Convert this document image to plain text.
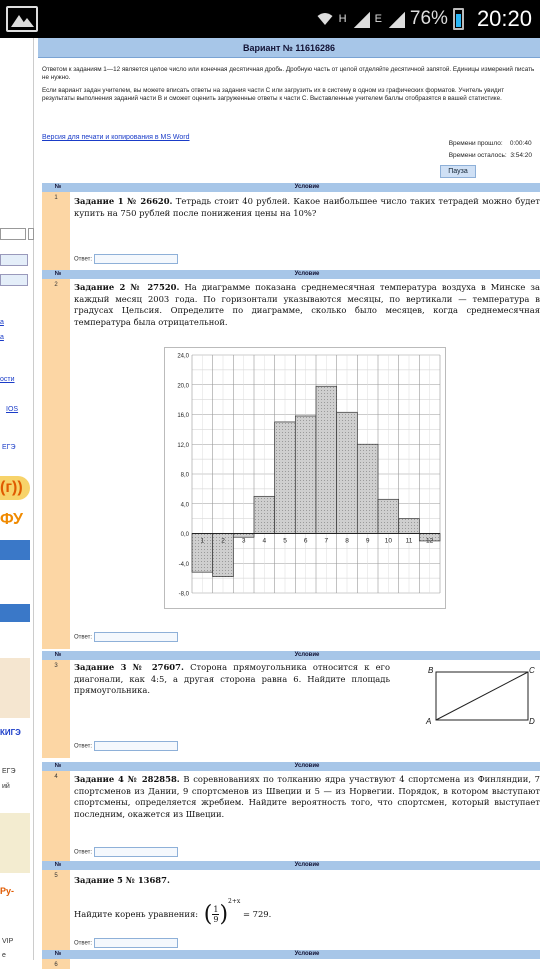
H	E 76% 20:20
а
а
ости
IOS
ЕГЭ
(г))
ФУ
КИГЭ
ЕГЭ
ий
Ру-
VIP
е
Вариант № 11616286

Ответом к заданиям 1—12 является целое число или конечная десятичная дробь. Дробную часть от целой отделяйте десятичной запятой. Единицы измерений писать не нужно.

Если вариант задан учителем, вы можете вписать ответы на задания части С или загрузить их в систему в одном из графических форматов. Учитель увидит результаты выполнения заданий части В и сможет оценить загруженные ответы к части С. Выставленные учителем баллы отобразятся в вашей статистике.

Версия для печати и копирования в MS Word
Времени прошло: 0:00:40
Времени осталось: 3:54:20
Пауза
№	Условие
1	Задание 1 № 26620. Тетрадь стоит 40 рублей. Какое наибольшее число таких тетрадей можно будет купить на 750 рублей после понижения цены на 10%?
Ответ:
№	Условие
2	Задание 2 № 27520. На диаграмме показана среднемесячная температура воздуха в Минске за каждый месяц 2003 года. По горизонтали указываются месяцы, по вертикали — температура в градусах Цельсия. Определите по диаграмме, сколько было месяцев, когда среднемесячная температура была отрицательной.
24,0
20,0
16,0
12,0
8,0
4,0
0,0
-4,0
-8,0
1	2	3	4	5	6	7	8	9 10 11 12
Ответ:
№	Условие
3	Задание 3 № 27607. Сторона прямоугольника относится к его диагонали, как 4:5, а другая сторона равна 6. Найдите площадь прямоугольника.
B	C
A	D
Ответ:
№	Условие
4	Задание 4 № 282858. В соревнованиях по толканию ядра участвуют 4 спортсмена из Финляндии, 7 спортсменов из Дании, 9 спортсменов из Швеции и 5 — из Норвегии. Порядок, в котором выступают спортсмены, определяется жребием. Найдите вероятность того, что спортсмен, который выступает последним, окажется из Швеции.
Ответ:
№	Условие
5	Задание 5 № 13687.
Найдите корень уравнения: ( $\frac{1}{9} )^{2+x} = 729$.
Ответ:
№	Условие
6
